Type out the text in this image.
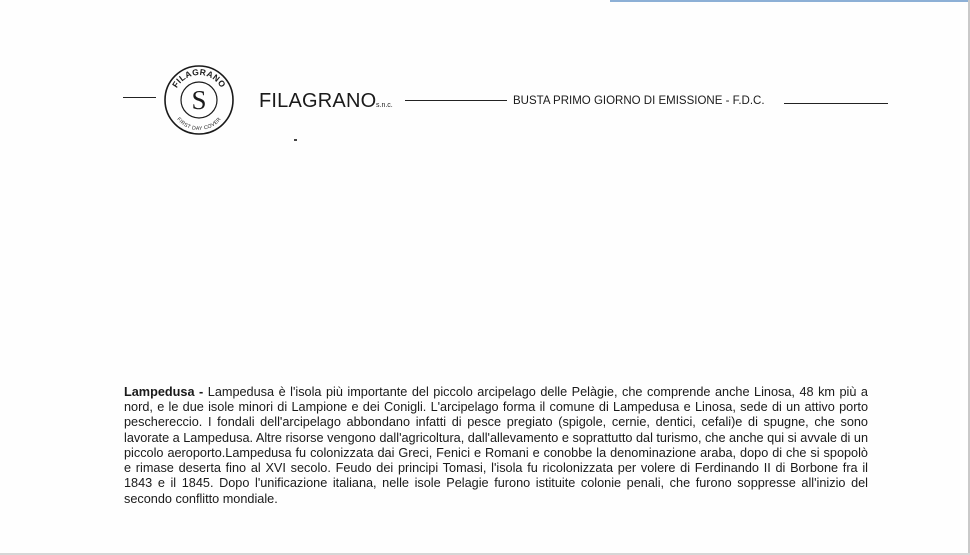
S
FILAGRANO
FIRST DAY COVER
FILAGRANO s.n.c.	BUSTA PRIMO GIORNO DI EMISSIONE - F.D.C.

Lampedusa - Lampedusa è l'isola più importante del piccolo arcipelago delle Pelàgie, che comprende anche Linosa, 48 km più a nord, e le due isole minori di Lampione e dei Conigli. L'arcipelago forma il comune di Lampedusa e Linosa, sede di un attivo porto peschereccio. I fondali dell'arcipelago abbondano infatti di pesce pregiato (spigole, cernie, dentici, cefali)e di spugne, che sono lavorate a Lampedusa. Altre risorse vengono dall'agricoltura, dall'allevamento e soprattutto dal turismo, che anche qui si avvale di un piccolo aeroporto.Lampedusa fu colonizzata dai Greci, Fenici e Romani e conobbe la denominazione araba, dopo di che si spopolò e rimase deserta fino al XVI secolo. Feudo dei principi Tomasi, l'isola fu ricolonizzata per volere di Ferdinando II di Borbone fra il 1843 e il 1845. Dopo l'unificazione italiana, nelle isole Pelagie furono istituite colonie penali, che furono soppresse all'inizio del secondo conflitto mondiale.
